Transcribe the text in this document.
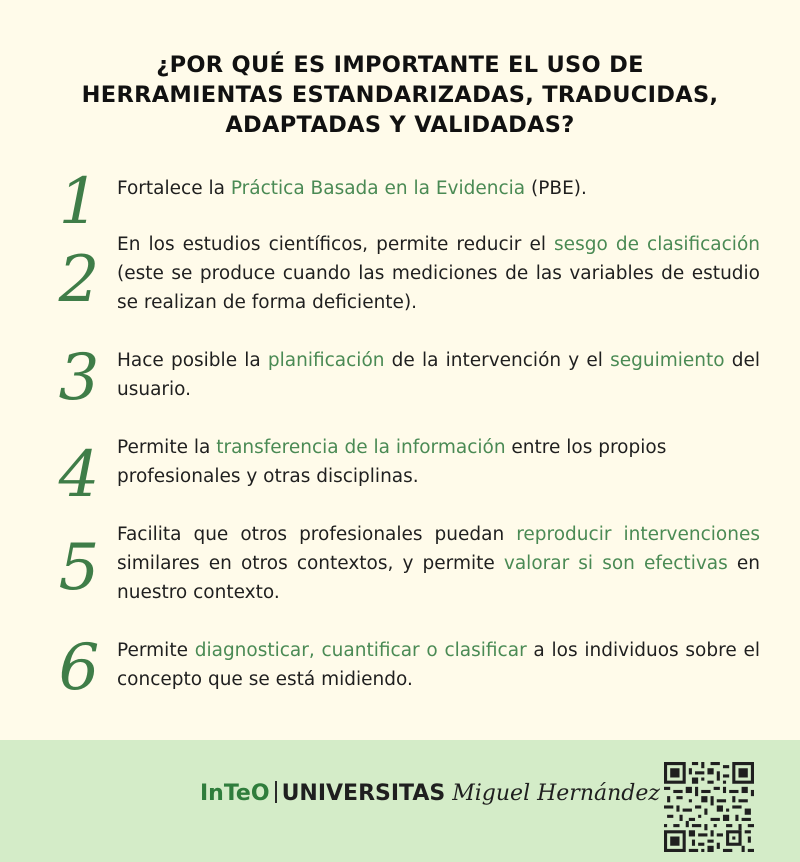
¿POR QUÉ ES IMPORTANTE EL USO DE
HERRAMIENTAS ESTANDARIZADAS, TRADUCIDAS,
ADAPTADAS Y VALIDADAS?
1 Fortalece la Práctica Basada en la Evidencia (PBE).
2 En los estudios científicos, permite reducir el sesgo de clasificación (este se produce cuando las mediciones de las variables de estudio se realizan de forma deficiente).
3 Hace posible la planificación de la intervención y el seguimiento del usuario.
4 Permite la transferencia de la información entre los propios profesionales y otras disciplinas.
5 Facilita que otros profesionales puedan reproducir intervenciones similares en otros contextos, y permite valorar si son efectivas en nuestro contexto.
6 Permite diagnosticar, cuantificar o clasificar a los individuos sobre el concepto que se está midiendo.
InTeO UNIVERSITAS Miguel Hernández
